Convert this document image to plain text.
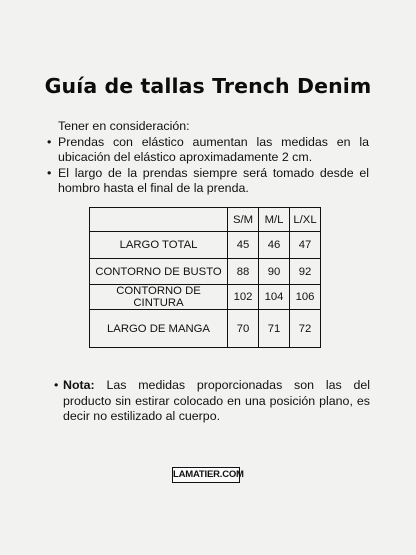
Guía de tallas Trench Denim
Tener en consideración:
• Prendas con elástico aumentan las medidas en la ubicación del elástico aproximadamente 2 cm.
• El largo de la prendas siempre será tomado desde el hombro hasta el final de la prenda.
	S/M	M/L	L/XL
LARGO TOTAL	45	46	47
CONTORNO DE BUSTO	88	90	92
CONTORNO DE CINTURA	102	104	106
LARGO DE MANGA	70	71	72
• Nota: Las medidas proporcionadas son las del producto sin estirar colocado en una posición plano, es decir no estilizado al cuerpo.
LAMATIER.COM
